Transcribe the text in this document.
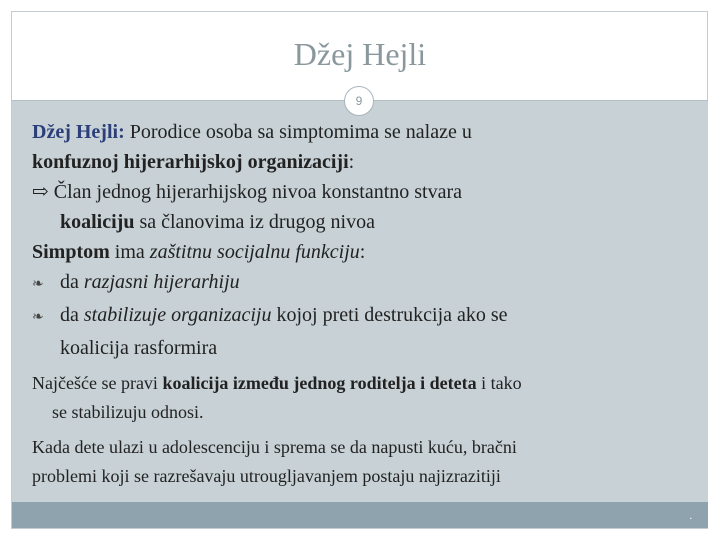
Džej Hejli
.
9

Džej Hejli: Porodice osoba sa simptomima se nalaze u

konfuznoj hijerarhijskoj organizaciji:

⇨ Član jednog hijerarhijskog nivoa konstantno stvara

koaliciju sa članovima iz drugog nivoa

Simptom ima zaštitnu socijalnu funkciju:

❧ da razjasni hijerarhiju

❧ da stabilizuje organizaciju kojoj preti destrukcija ako se

koalicija rasformira

Najčešće se pravi koalicija između jednog roditelja i deteta i tako

se stabilizuju odnosi.

Kada dete ulazi u adolescenciju i sprema se da napusti kuću, bračni

problemi koji se razrešavaju utrougljavanjem postaju najizrazitiji
